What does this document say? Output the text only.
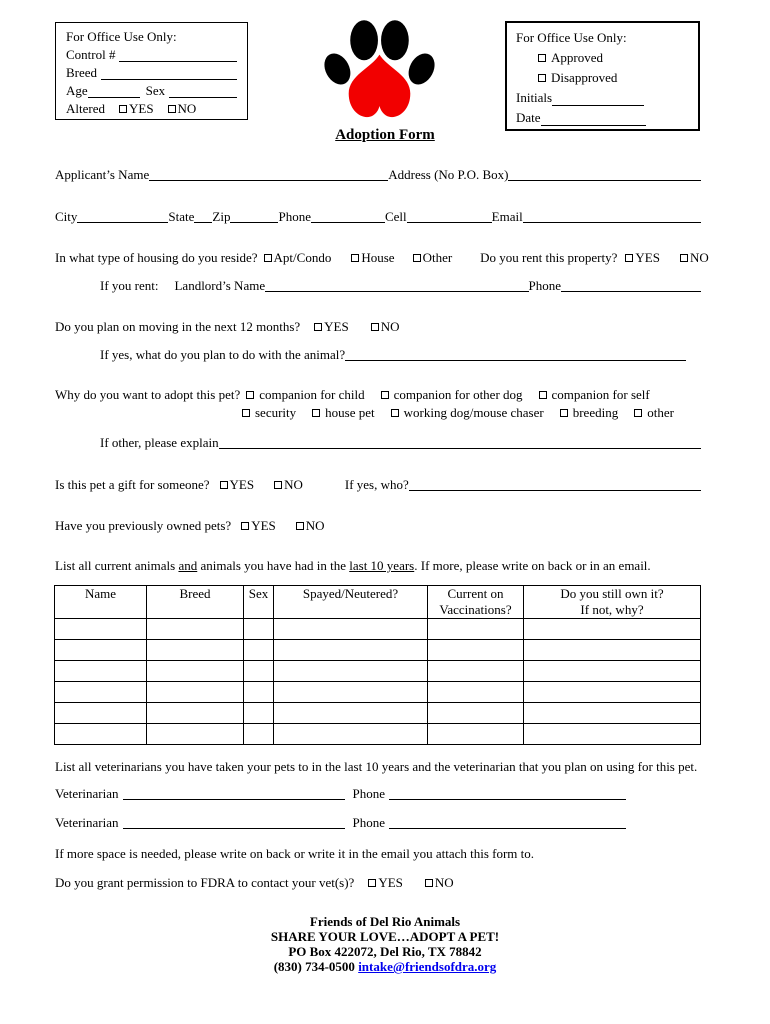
For Office Use Only:
Control #
Breed
Age	Sex
Altered YES NO
For Office Use Only:
Approved
Disapproved
Initials
Date
Adoption Form
Applicant’s Name	Address (No P.O. Box)
City	State Zip	Phone	Cell	Email
In what type of housing do you reside? Apt/Condo House Other Do you rent this property? YES NO
If you rent: Landlord’s Name	Phone
Do you plan on moving in the next 12 months? YES NO
If yes, what do you plan to do with the animal?
Why do you want to adopt this pet? companion for child companion for other dog companion for self
security house pet working dog/mouse chaser breeding other
If other, please explain
Is this pet a gift for someone? YES NO	If yes, who?
Have you previously owned pets? YES NO
List all current animals and animals you have had in the last 10 years. If more, please write on back or in an email.
Name	Breed	Sex	Spayed/Neutered?	Current on Vaccinations?	Do you still own it?
If not, why?

List all veterinarians you have taken your pets to in the last 10 years and the veterinarian that you plan on using for this pet.
Veterinarian	Phone
Veterinarian	Phone
If more space is needed, please write on back or write it in the email you attach this form to.
Do you grant permission to FDRA to contact your vet(s)? YES NO
Friends of Del Rio Animals
SHARE YOUR LOVE…ADOPT A PET!
PO Box 422072, Del Rio, TX 78842
(830) 734-0500 intake@friendsofdra.org
